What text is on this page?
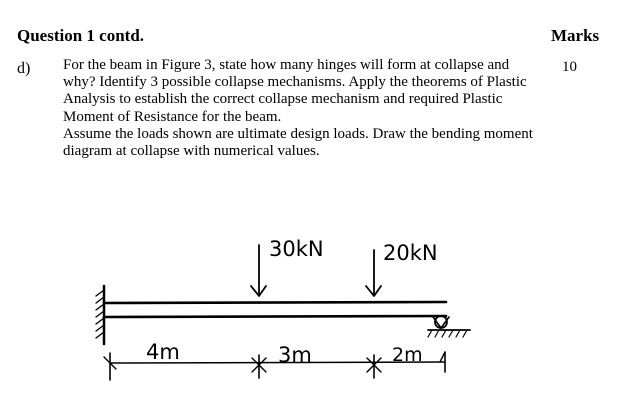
Question 1 contd.	Marks
d) For the beam in Figure 3, state how many hinges will form at collapse and why? Identify 3 possible collapse mechanisms. Apply the theorems of Plastic Analysis to establish the correct collapse mechanism and required Plastic Moment of Resistance for the beam.

Assume the loads shown are ultimate design loads. Draw the bending moment diagram at collapse with numerical values.

10
30kN	20kN
4m	3m	2m
